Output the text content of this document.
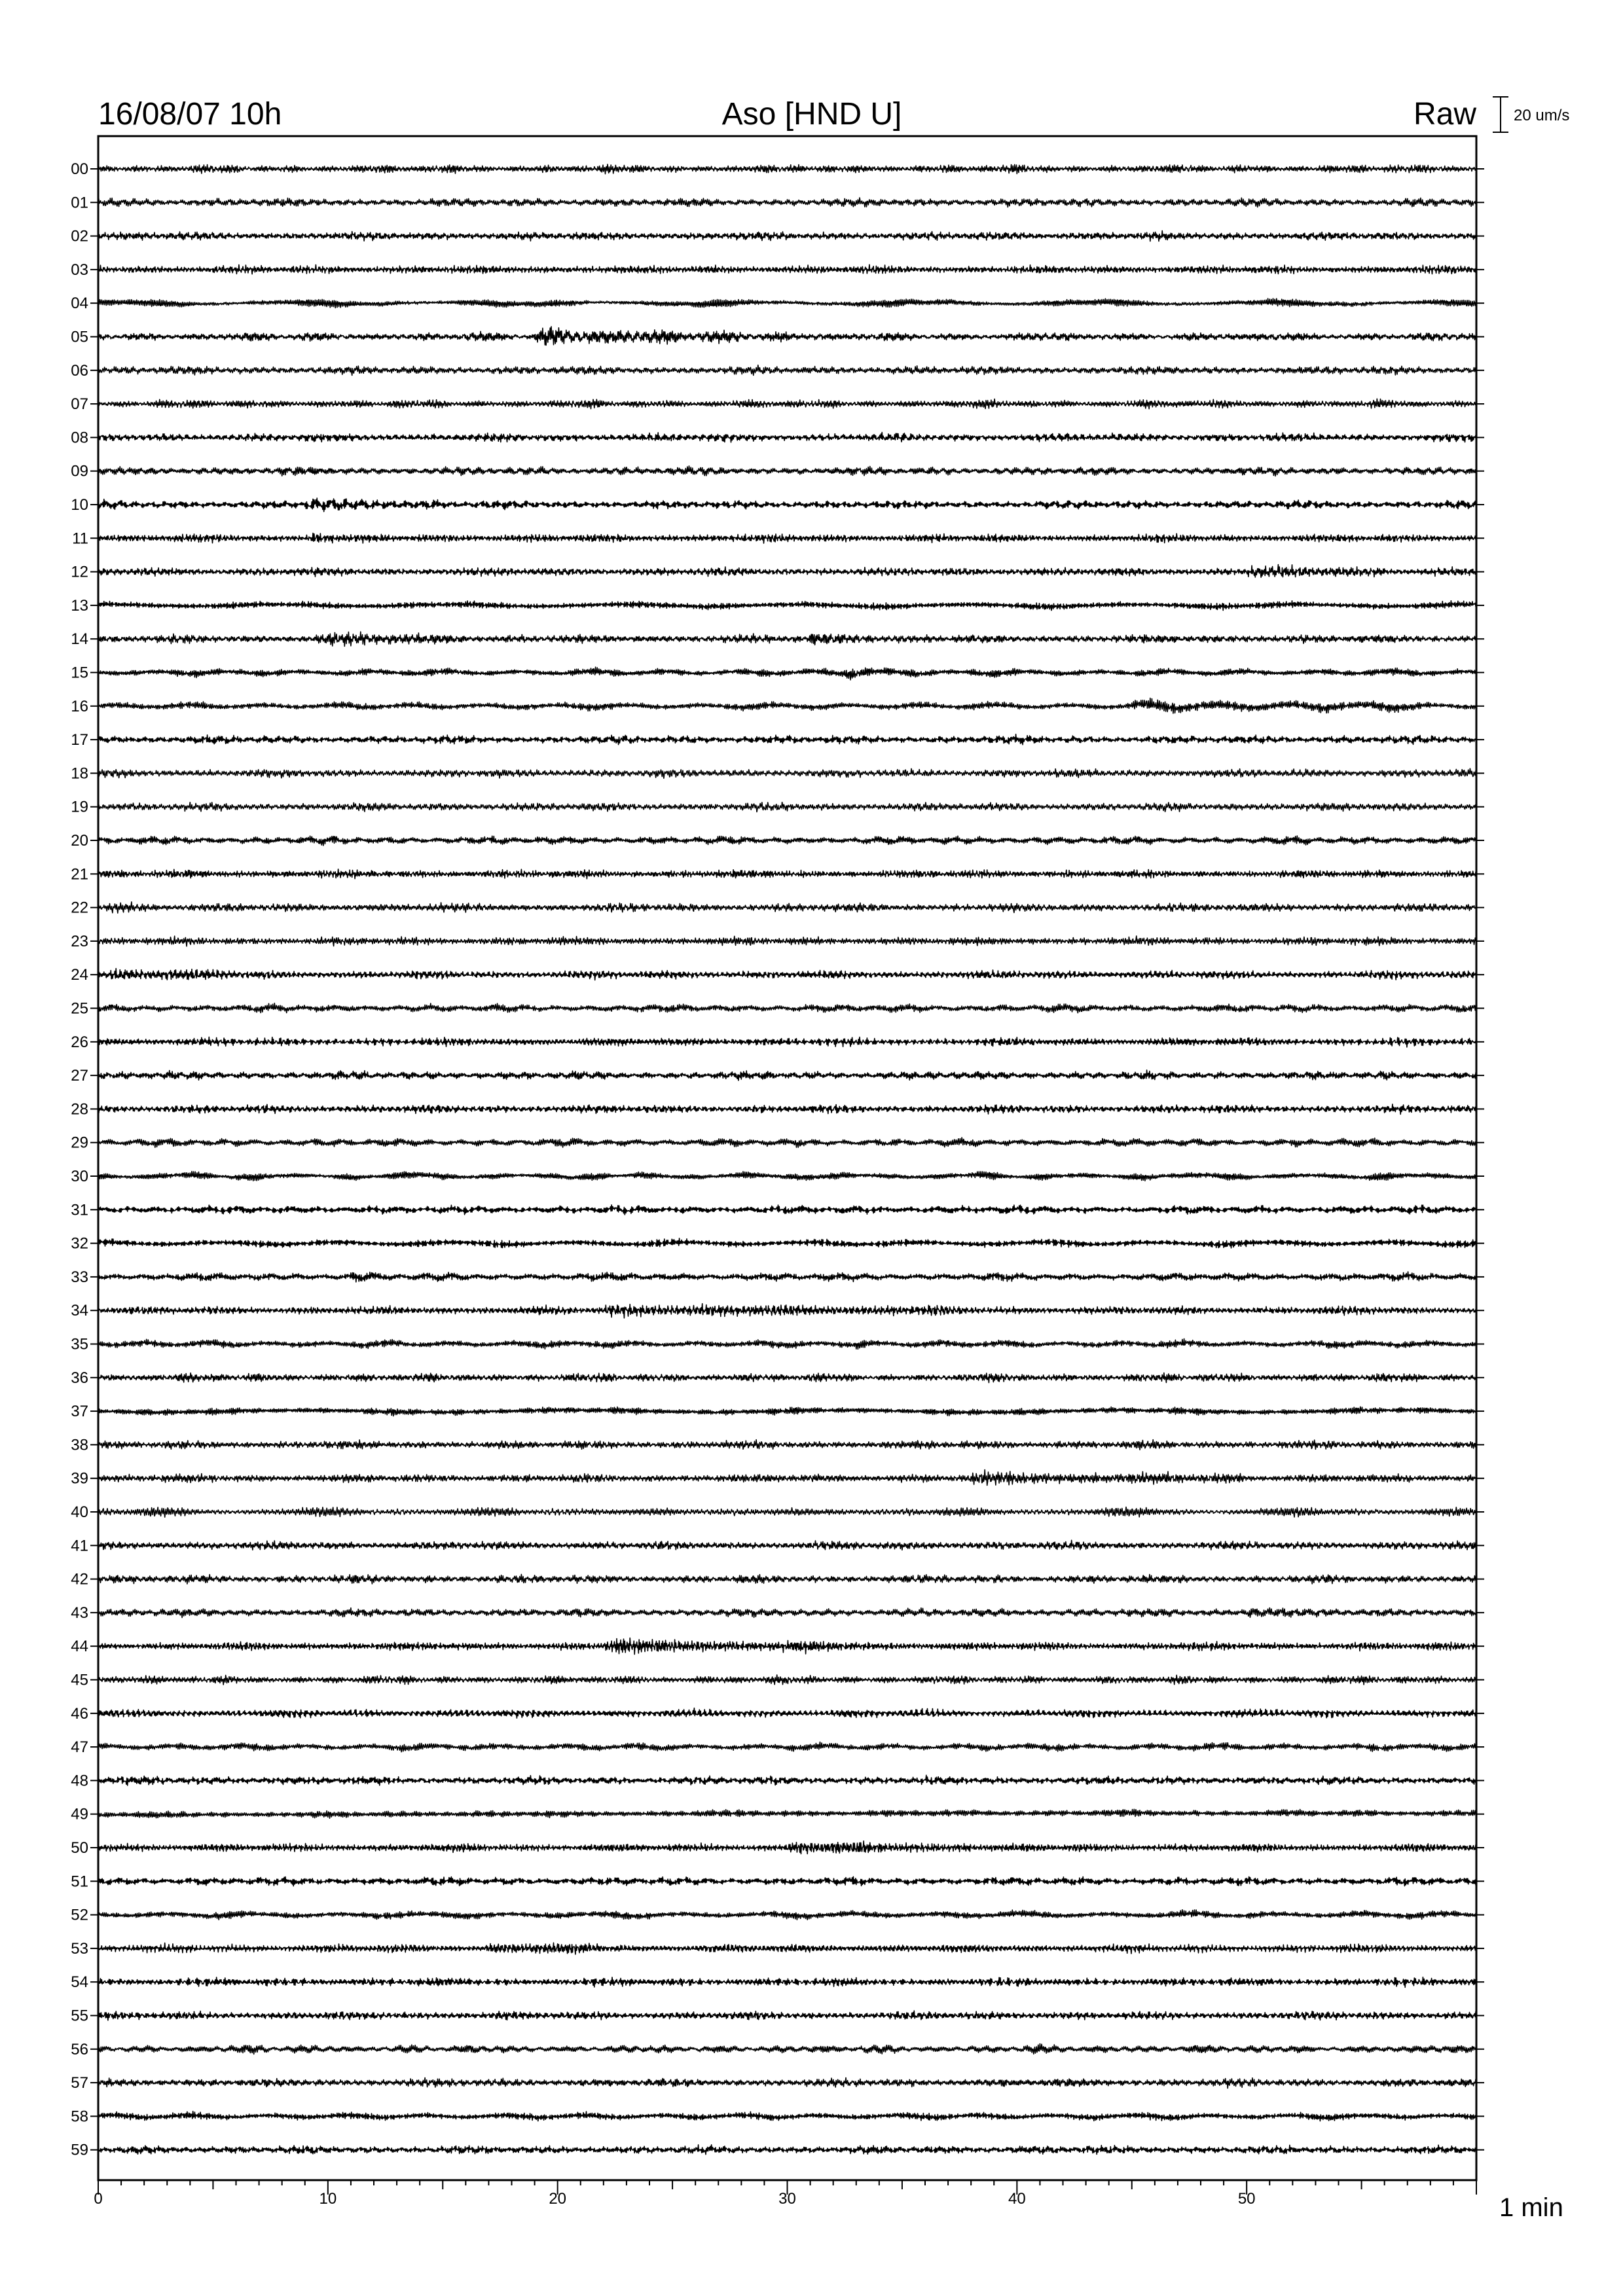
16/08/07 10h	Aso [HND U]	Raw 20 um/s
00
01
02
03
04
05
06
07
08
09
10
11
12
13
14
15
16
17
18
19
20
21
22
23
24
25
26
27
28
29
30
31
32
33
34
35
36
37
38
39
40
41
42
43
44
45
46
47
48
49
50
51
52
53
54
55
56
57
58
59
0	10	20	30	40	50	1 min
